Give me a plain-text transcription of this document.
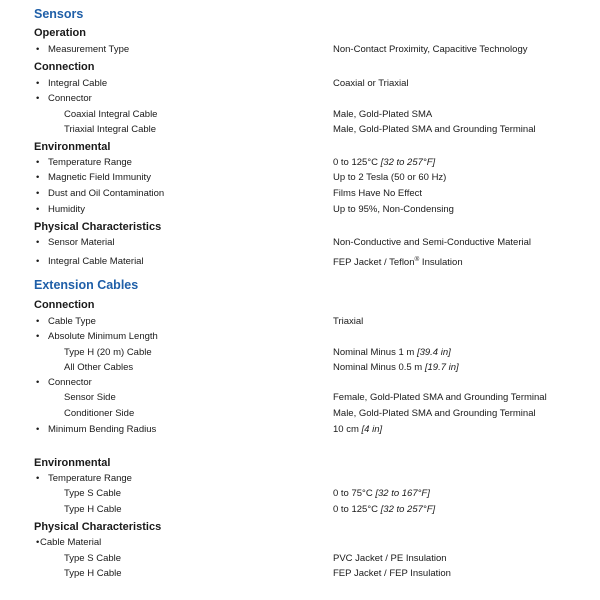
Sensors
Operation
• Measurement Type	Non-Contact Proximity, Capacitive Technology
Connection
• Integral Cable	Coaxial or Triaxial
• Connector
Coaxial Integral Cable	Male, Gold-Plated SMA
Triaxial Integral Cable	Male, Gold-Plated SMA and Grounding Terminal
Environmental
• Temperature Range	0 to 125°C [32 to 257°F]
• Magnetic Field Immunity	Up to 2 Tesla (50 or 60 Hz)
• Dust and Oil Contamination	Films Have No Effect
• Humidity	Up to 95%, Non-Condensing
Physical Characteristics
• Sensor Material	Non-Conductive and Semi-Conductive Material
• Integral Cable Material	FEP Jacket / Teflon® Insulation
Extension Cables
Connection
• Cable Type	Triaxial
• Absolute Minimum Length
Type H (20 m) Cable	Nominal Minus 1 m [39.4 in]
All Other Cables	Nominal Minus 0.5 m [19.7 in]
• Connector
Sensor Side	Female, Gold-Plated SMA and Grounding Terminal
Conditioner Side	Male, Gold-Plated SMA and Grounding Terminal
• Minimum Bending Radius	10 cm [4 in]
Environmental
• Temperature Range
Type S Cable	0 to 75°C [32 to 167°F]
Type H Cable	0 to 125°C [32 to 257°F]
Physical Characteristics
• Cable Material
Type S Cable	PVC Jacket / PE Insulation
Type H Cable	FEP Jacket / FEP Insulation
